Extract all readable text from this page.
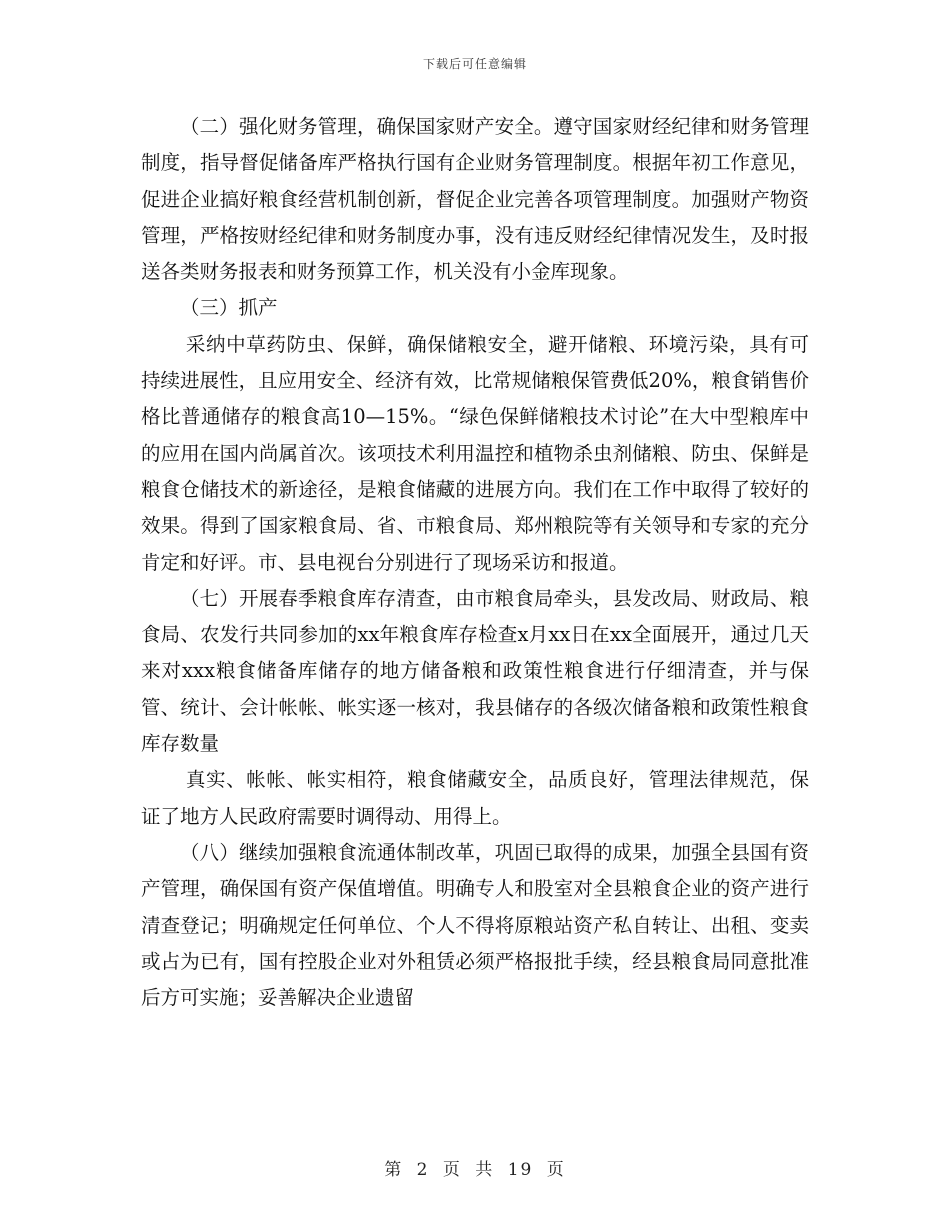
下载后可任意编辑

（二）强化财务管理，确保国家财产安全。遵守国家财经纪律和财务管理制度，指导督促储备库严格执行国有企业财务管理制度。根据年初工作意见，促进企业搞好粮食经营机制创新，督促企业完善各项管理制度。加强财产物资管理，严格按财经纪律和财务制度办事，没有违反财经纪律情况发生，及时报送各类财务报表和财务预算工作，机关没有小金库现象。

（三）抓产

采纳中草药防虫、保鲜，确保储粮安全，避开储粮、环境污染，具有可持续进展性，且应用安全、经济有效，比常规储粮保管费低20%，粮食销售价格比普通储存的粮食高10—15%。“绿色保鲜储粮技术讨论”在大中型粮库中的应用在国内尚属首次。该项技术利用温控和植物杀虫剂储粮、防虫、保鲜是粮食仓储技术的新途径，是粮食储藏的进展方向。我们在工作中取得了较好的效果。得到了国家粮食局、省、市粮食局、郑州粮院等有关领导和专家的充分肯定和好评。市、县电视台分别进行了现场采访和报道。

（七）开展春季粮食库存清查，由市粮食局牵头，县发改局、财政局、粮食局、农发行共同参加的xx年粮食库存检查x月xx日在xx全面展开，通过几天来对xxx粮食储备库储存的地方储备粮和政策性粮食进行仔细清查，并与保管、统计、会计帐帐、帐实逐一核对，我县储存的各级次储备粮和政策性粮食库存数量

真实、帐帐、帐实相符，粮食储藏安全，品质良好，管理法律规范，保证了地方人民政府需要时调得动、用得上。

（八）继续加强粮食流通体制改革，巩固已取得的成果，加强全县国有资产管理，确保国有资产保值增值。明确专人和股室对全县粮食企业的资产进行清查登记；明确规定任何单位、个人不得将原粮站资产私自转让、出租、变卖或占为已有，国有控股企业对外租赁必须严格报批手续，经县粮食局同意批准后方可实施；妥善解决企业遗留

第 2 页 共 19 页
